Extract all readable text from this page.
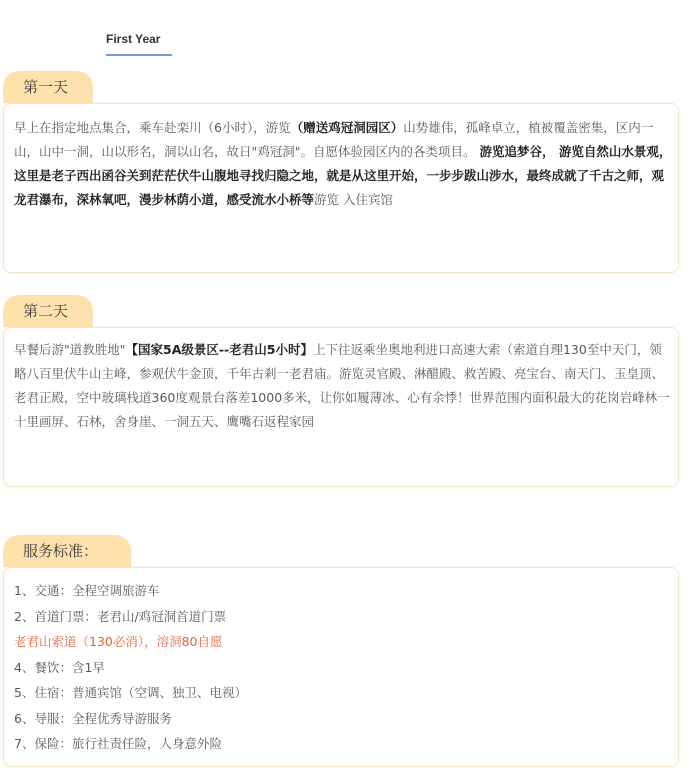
First Year
第一天
早上在指定地点集合，乘车赴栾川（6小时），游览（赠送鸡冠洞园区）山势雄伟，孤峰卓立，植被覆盖密集，区内一山，山中一洞，山以形名，洞以山名，故日"鸡冠洞"。自愿体验园区内的各类项目。 游览追梦谷， 游览自然山水景观，这里是老子西出函谷关到茫茫伏牛山腹地寻找归隐之地，就是从这里开始，一步步跋山涉水，最终成就了千古之师，观龙君瀑布，深林氧吧，漫步林荫小道，感受流水小桥等游览 入住宾馆
第二天
早餐后游"道教胜地"【国家5A级景区--老君山5小时】上下往返乘坐奥地利进口高速大索（索道自理130至中天门，领略八百里伏牛山主峰，参观伏牛金顶，千年古剎一老君庙。游览灵官殿、淋醋殿、救苦殿、亮宝台、南天门、玉皇顶、老君正殿，空中玻璃栈道360度观景台落差1000多米，让你如履薄冰、心有余悸！世界范围内面积最大的花岗岩峰林一十里画屏、石林，舍身崖、一洞五天、鹰嘴石返程家园
服务标准：
1、交通：全程空调旅游车
2、首道门票：老君山/鸡冠洞首道门票
老君山索道（130必消），溶洞80自愿
4、餐饮：含1早
5、住宿：普通宾馆（空调、独卫、电视）
6、导服：全程优秀导游服务
7、保险：旅行社责任险，人身意外险
